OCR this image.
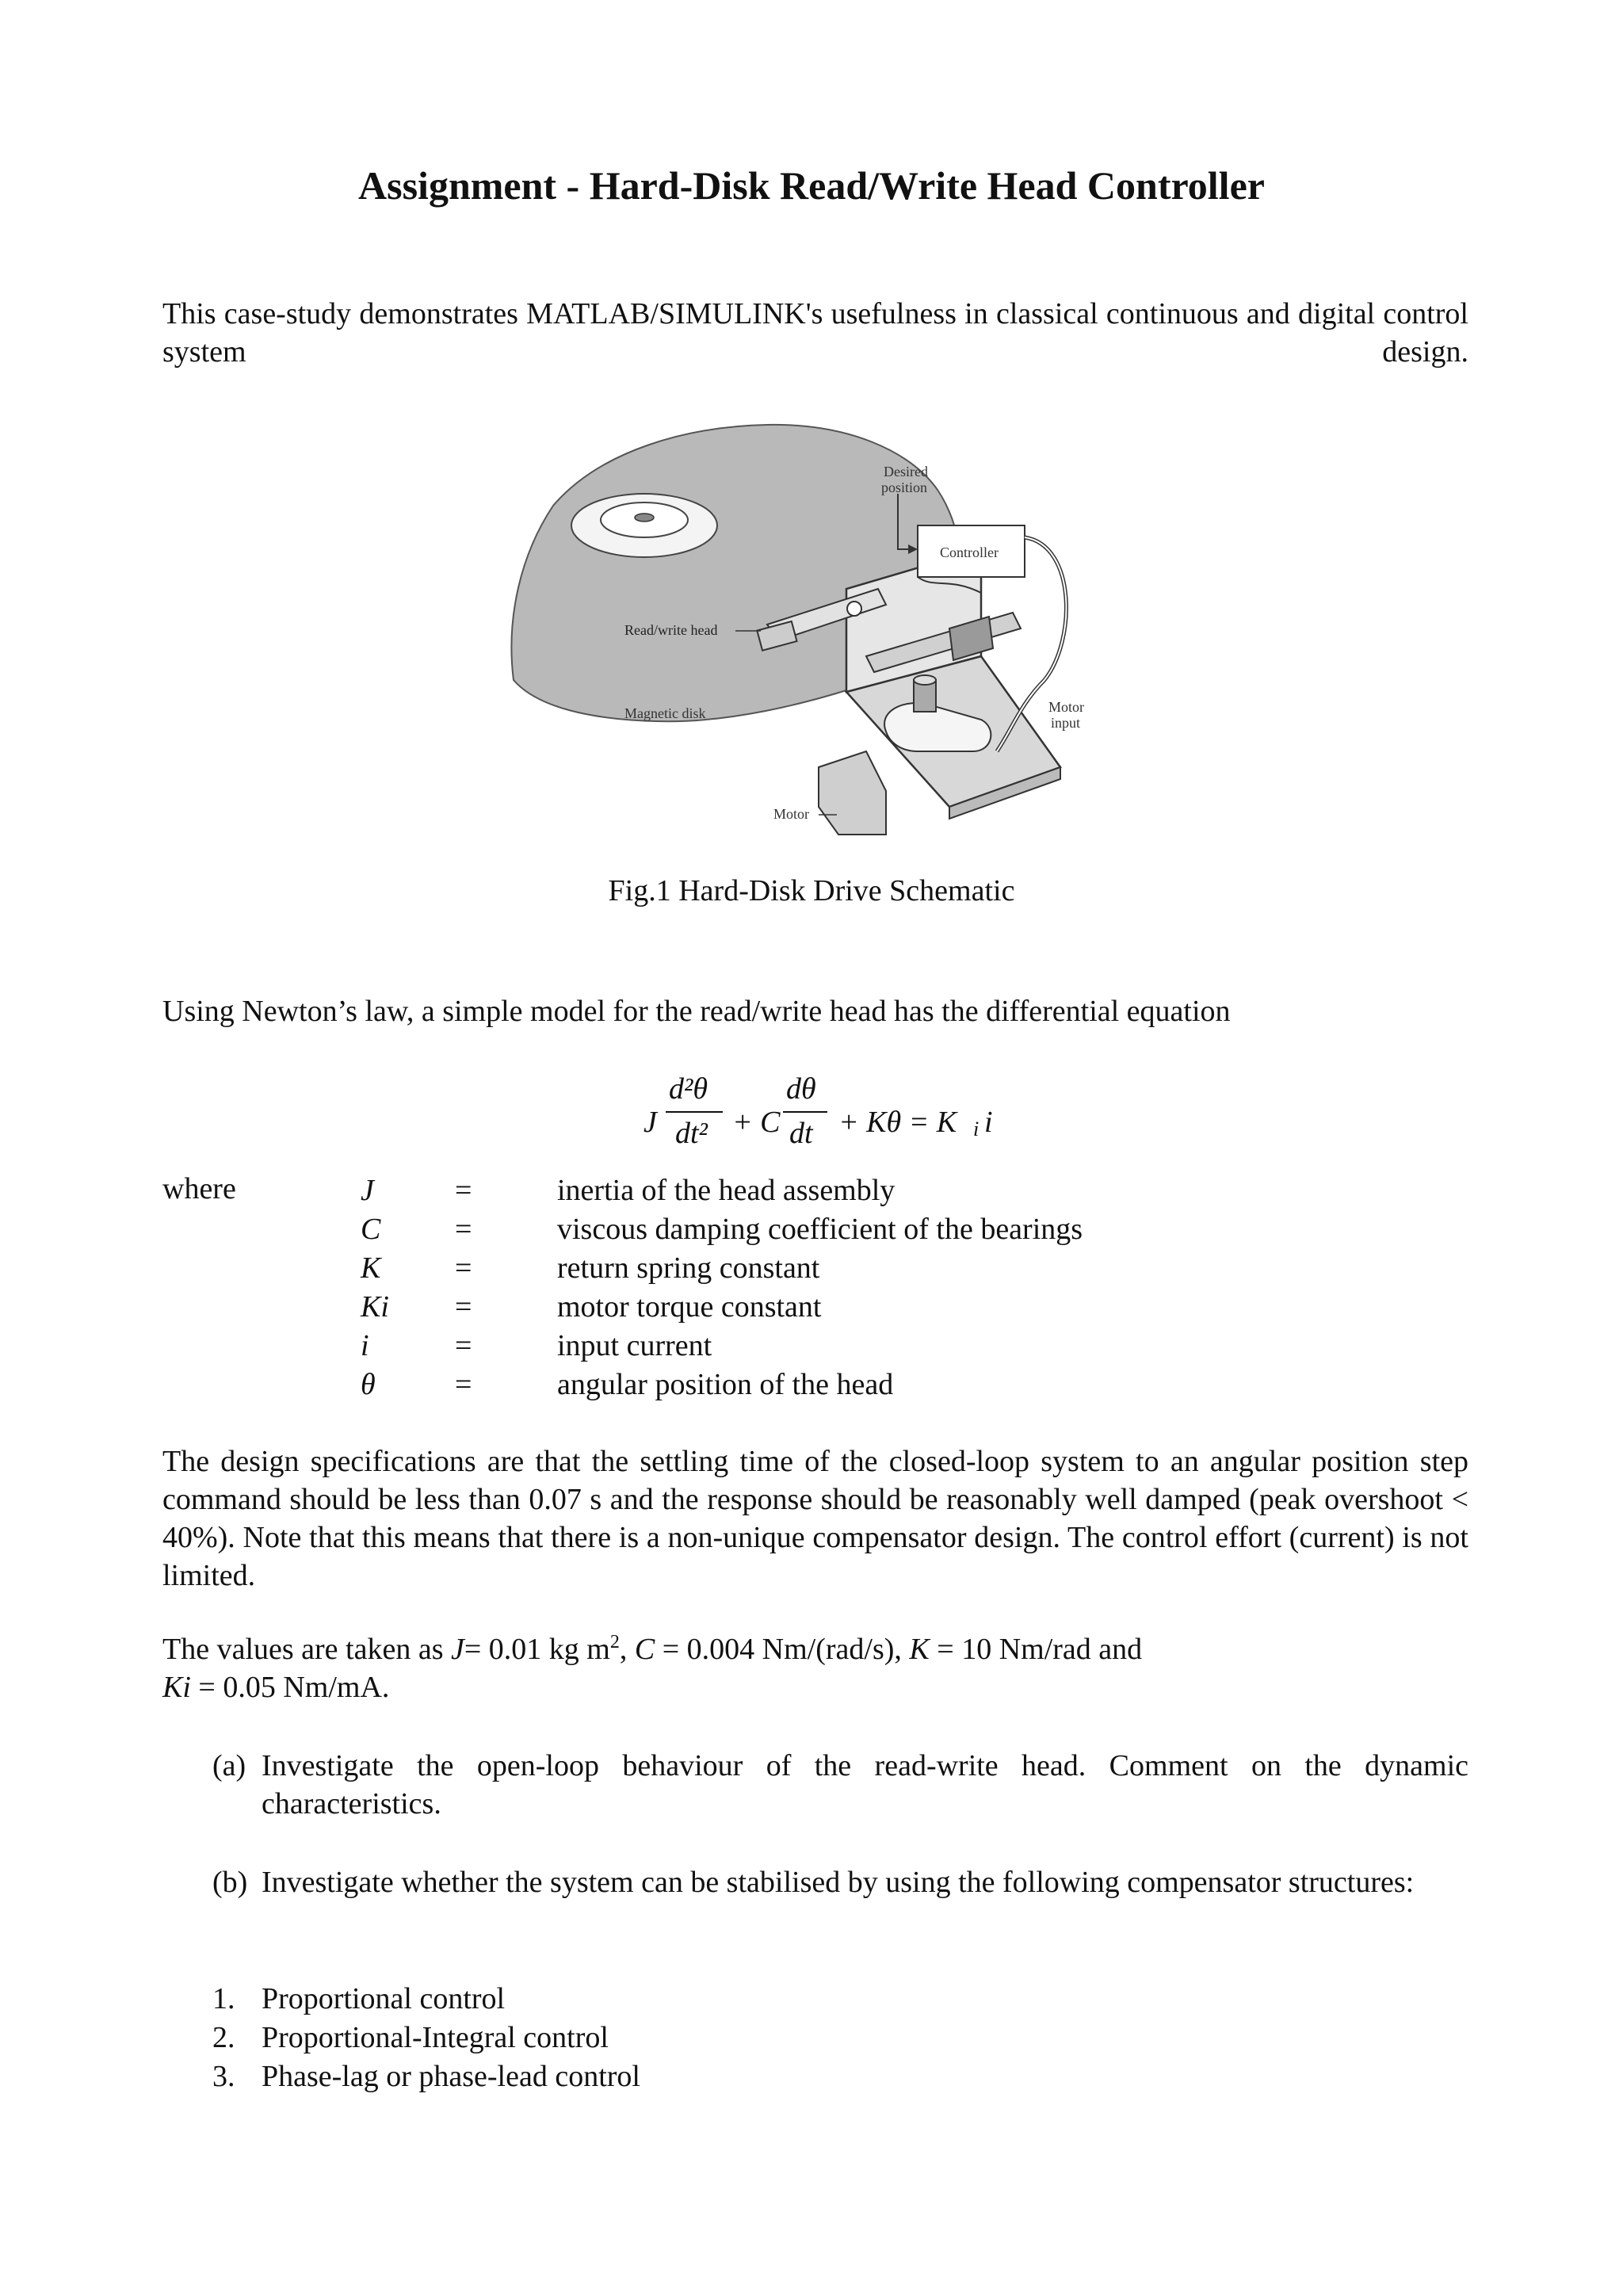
Assignment - Hard-Disk Read/Write Head Controller

This case-study demonstrates MATLAB/SIMULINK's usefulness in classical continuous and digital control system design.

Desired
position
Controller
Read/write head
Magnetic disk	Motor
input
Motor

Fig.1 Hard-Disk Drive Schematic

Using Newton’s law, a simple model for the read/write head has the differential equation

J
d²θ
dt² + C
dθ
dt + Kθ = K i i
where	J	=	inertia of the head assembly
C =	viscous damping coefficient of the bearings
K =	return spring constant
Ki =	motor torque constant
i	=	input current
θ	=	angular position of the head

The design specifications are that the settling time of the closed-loop system to an angular position step command should be less than 0.07 s and the response should be reasonably well damped (peak overshoot < 40%). Note that this means that there is a non-unique compensator design. The control effort (current) is not limited.

The values are taken as J= 0.01 kg $m^2$, C = 0.004 Nm/(rad/s), K = 10 Nm/rad and
Ki = 0.05 Nm/mA.

(a) Investigate the open-loop behaviour of the read-write head. Comment on the dynamic characteristics.
(b) Investigate whether the system can be stabilised by using the following compensator structures:
1. Proportional control
2. Proportional-Integral control
3. Phase-lag or phase-lead control
